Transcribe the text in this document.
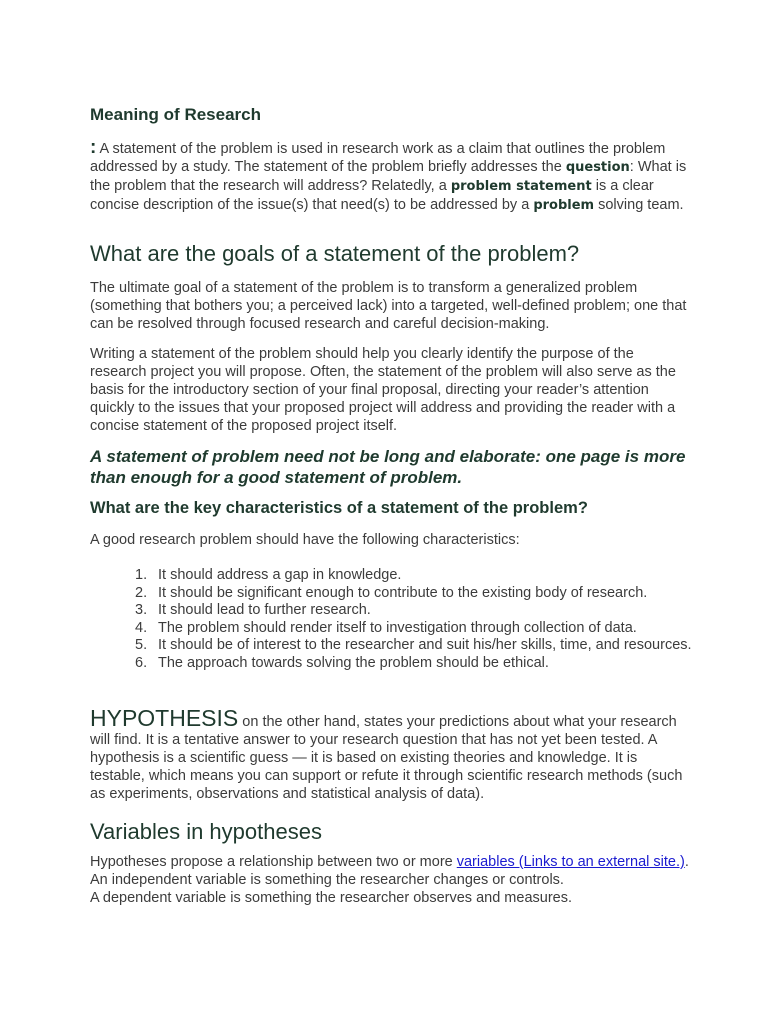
Meaning of Research

: A statement of the problem is used in research work as a claim that outlines the problem addressed by a study. The statement of the problem briefly addresses the question: What is the problem that the research will address? Relatedly, a problem statement is a clear concise description of the issue(s) that need(s) to be addressed by a problem solving team.

What are the goals of a statement of the problem?

The ultimate goal of a statement of the problem is to transform a generalized problem (something that bothers you; a perceived lack) into a targeted, well-defined problem; one that can be resolved through focused research and careful decision-making.

Writing a statement of the problem should help you clearly identify the purpose of the research project you will propose. Often, the statement of the problem will also serve as the basis for the introductory section of your final proposal, directing your reader’s attention quickly to the issues that your proposed project will address and providing the reader with a concise statement of the proposed project itself.

A statement of problem need not be long and elaborate: one page is more than enough for a good statement of problem.

What are the key characteristics of a statement of the problem?

A good research problem should have the following characteristics:

1. It should address a gap in knowledge.
2. It should be significant enough to contribute to the existing body of research.
3. It should lead to further research.
4. The problem should render itself to investigation through collection of data.
5. It should be of interest to the researcher and suit his/her skills, time, and resources.
6. The approach towards solving the problem should be ethical.

HYPOTHESIS on the other hand, states your predictions about what your research will find. It is a tentative answer to your research question that has not yet been tested. A hypothesis is a scientific guess — it is based on existing theories and knowledge. It is testable, which means you can support or refute it through scientific research methods (such as experiments, observations and statistical analysis of data).

Variables in hypotheses

Hypotheses propose a relationship between two or more variables (Links to an external site.). An independent variable is something the researcher changes or controls.
A dependent variable is something the researcher observes and measures.
